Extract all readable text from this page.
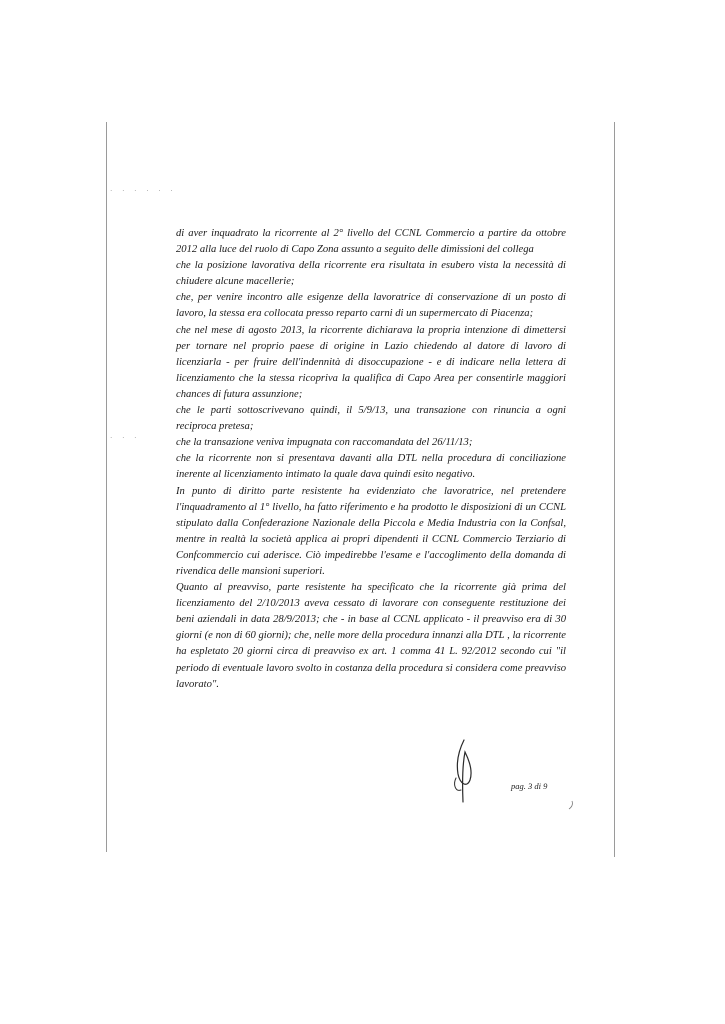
· · · · · ·
· · ·

di aver inquadrato la ricorrente al 2° livello del CCNL Commercio a partire da ottobre 2012 alla luce del ruolo di Capo Zona assunto a seguito delle dimissioni del collega

che la posizione lavorativa della ricorrente era risultata in esubero vista la necessità di chiudere alcune macellerie;

che, per venire incontro alle esigenze della lavoratrice di conservazione di un posto di lavoro, la stessa era collocata presso reparto carni di un supermercato di Piacenza;

che nel mese di agosto 2013, la ricorrente dichiarava la propria intenzione di dimettersi per tornare nel proprio paese di origine in Lazio chiedendo al datore di lavoro di licenziarla - per fruire dell'indennità di disoccupazione - e di indicare nella lettera di licenziamento che la stessa ricopriva la qualifica di Capo Area per consentirle maggiori chances di futura assunzione;

che le parti sottoscrivevano quindi, il 5/9/13, una transazione con rinuncia a ogni reciproca pretesa;

che la transazione veniva impugnata con raccomandata del 26/11/13;

che la ricorrente non si presentava davanti alla DTL nella procedura di conciliazione inerente al licenziamento intimato la quale dava quindi esito negativo.

In punto di diritto parte resistente ha evidenziato che lavoratrice, nel pretendere l'inquadramento al 1° livello, ha fatto riferimento e ha prodotto le disposizioni di un CCNL stipulato dalla Confederazione Nazionale della Piccola e Media Industria con la Confsal, mentre in realtà la società applica ai propri dipendenti il CCNL Commercio Terziario di Confcommercio cui aderisce. Ciò impedirebbe l'esame e l'accoglimento della domanda di rivendica delle mansioni superiori.

Quanto al preavviso, parte resistente ha specificato che la ricorrente già prima del licenziamento del 2/10/2013 aveva cessato di lavorare con conseguente restituzione dei beni aziendali in data 28/9/2013; che - in base al CCNL applicato - il preavviso era di 30 giorni (e non di 60 giorni); che, nelle more della procedura innanzi alla DTL , la ricorrente ha espletato 20 giorni circa di preavviso ex art. 1 comma 41 L. 92/2012 secondo cui "il periodo di eventuale lavoro svolto in costanza della procedura si considera come preavviso lavorato".

pag. 3 di 9
